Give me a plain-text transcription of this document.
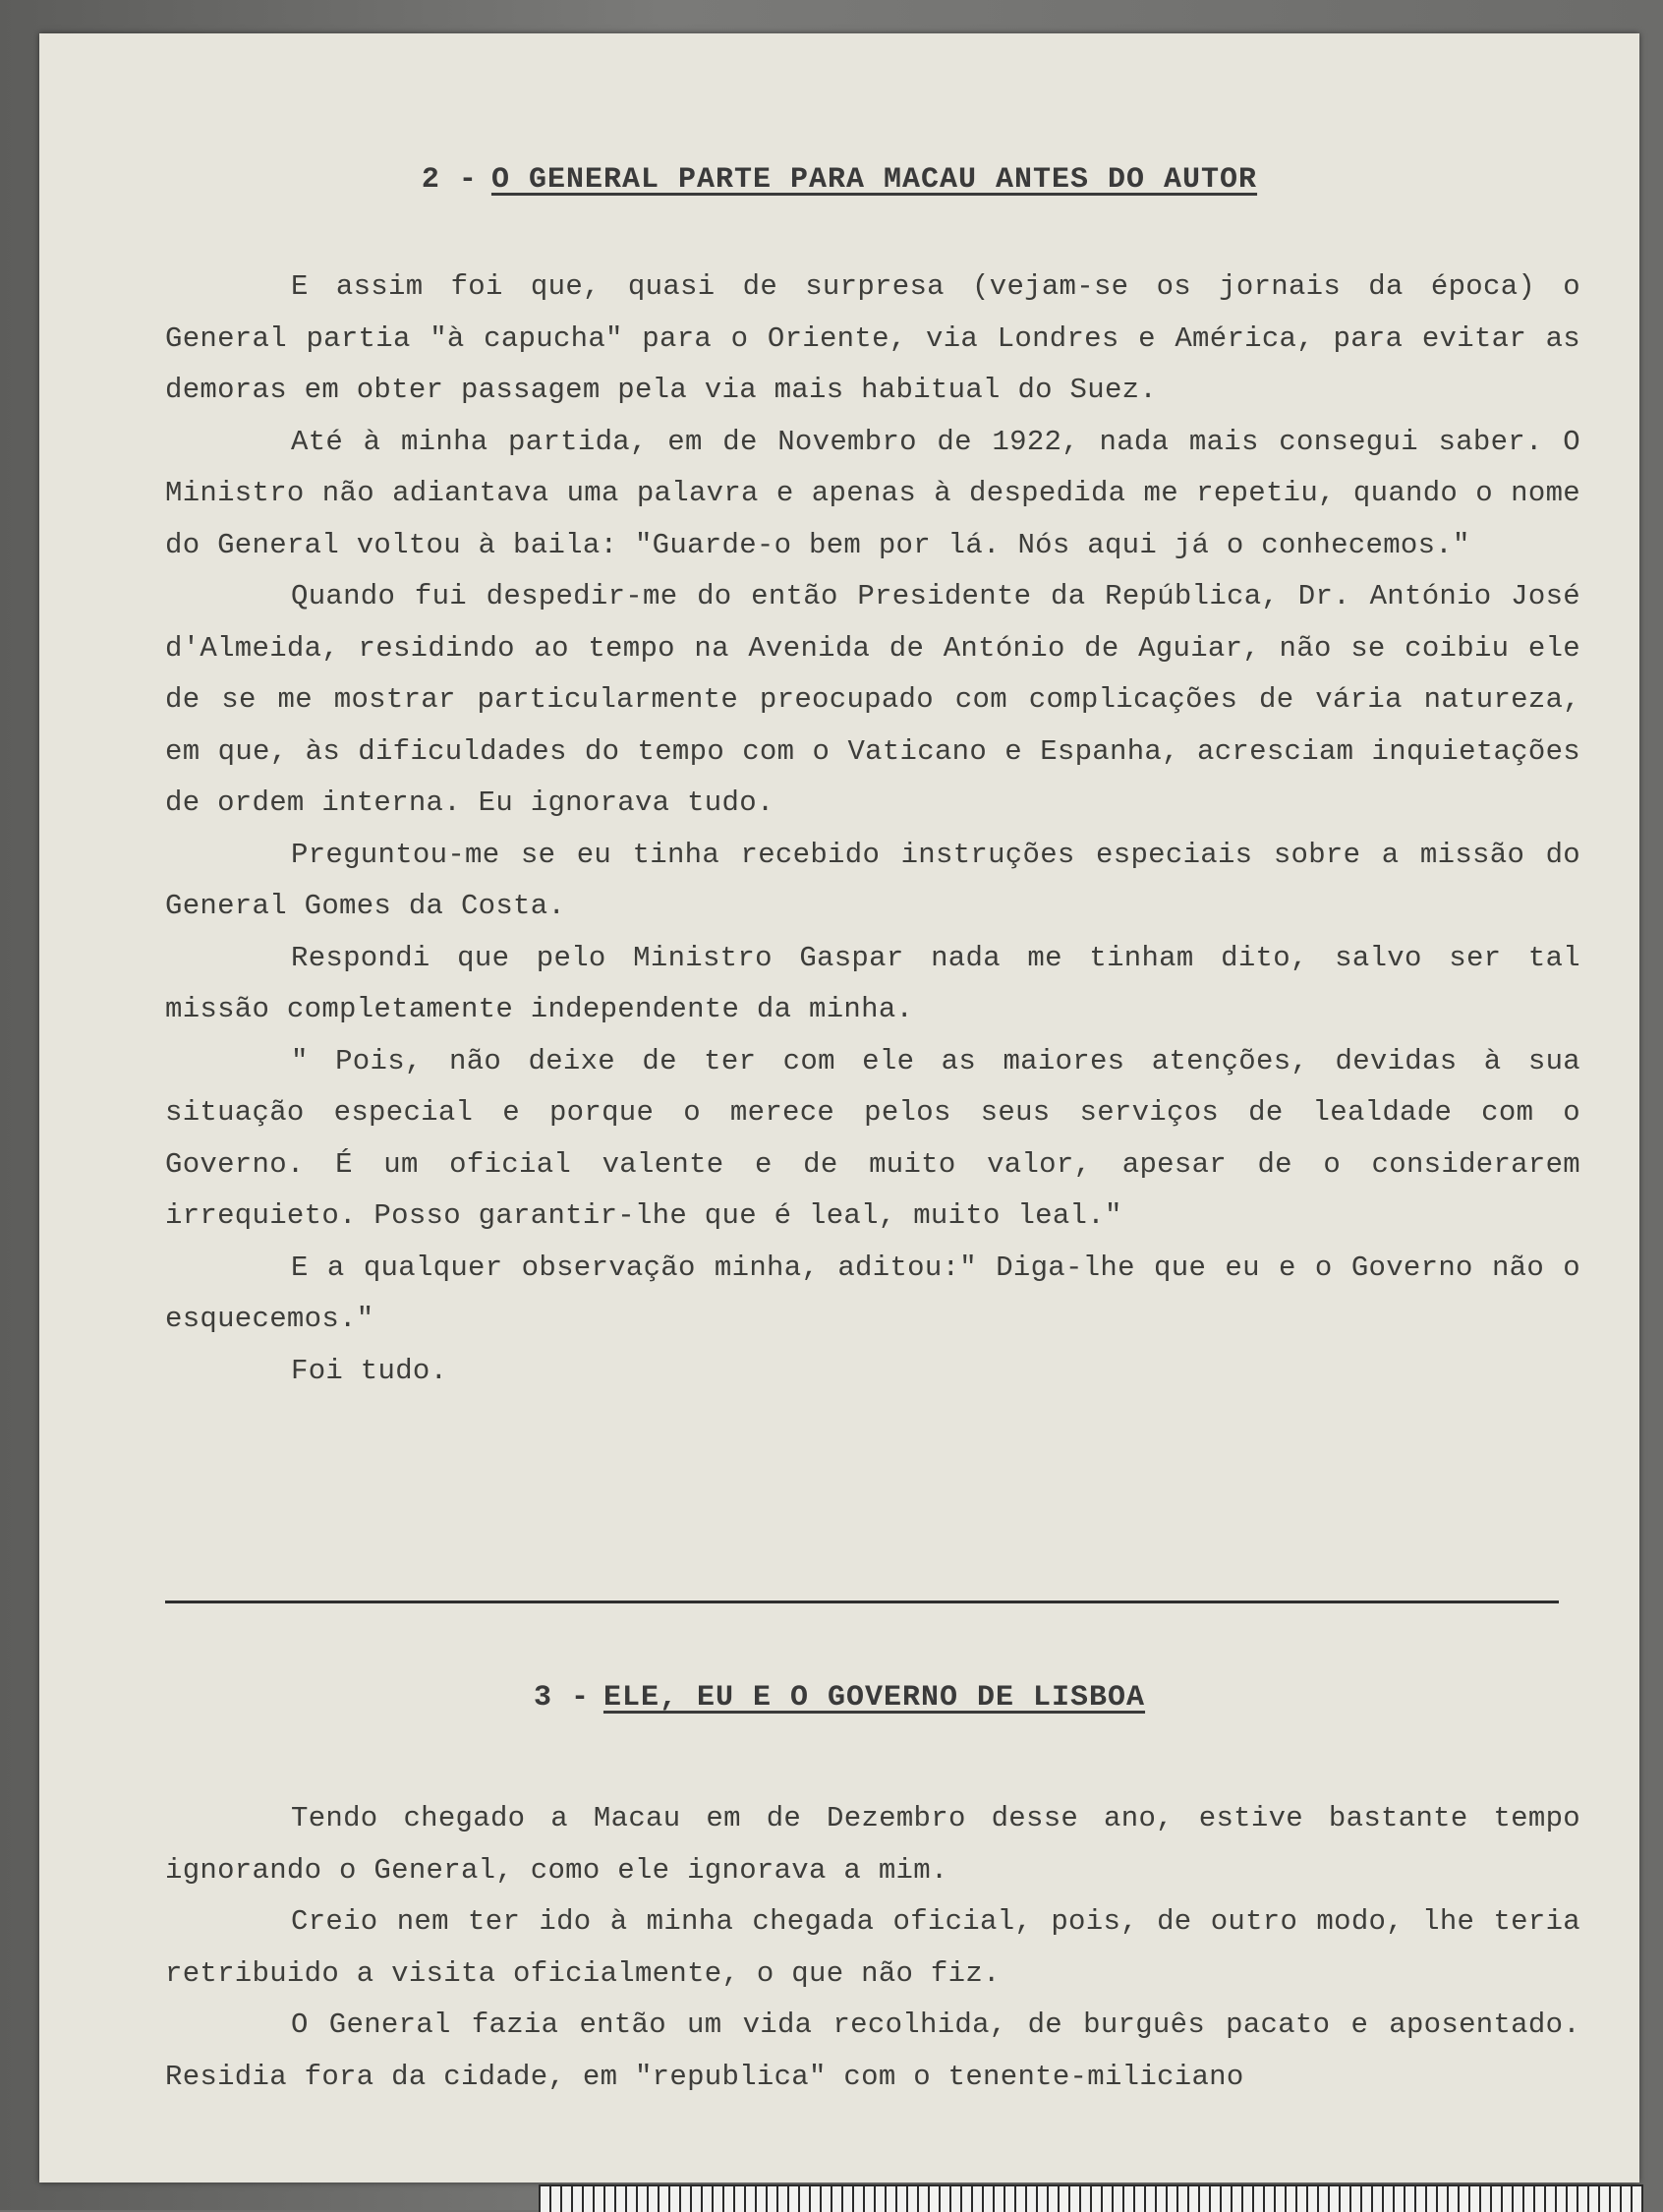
2 - O GENERAL PARTE PARA MACAU ANTES DO AUTOR

E assim foi que, quasi de surpresa (vejam-se os jornais da época) o General partia "à capucha" para o Oriente, via Londres e América, para evitar as demoras em obter passagem pela via mais habitual do Suez.

Até à minha partida, em de Novembro de 1922, nada mais consegui saber. O Ministro não adiantava uma palavra e apenas à despedida me repetiu, quando o nome do General voltou à baila: "Guarde-o bem por lá. Nós aqui já o conhecemos."

Quando fui despedir-me do então Presidente da República, Dr. António José d'Almeida, residindo ao tempo na Avenida de António de Aguiar, não se coibiu ele de se me mostrar particularmente preocupado com complicações de vária natureza, em que, às dificuldades do tempo com o Vaticano e Espanha, acresciam inquietações de ordem interna. Eu ignorava tudo.

Preguntou-me se eu tinha recebido instruções especiais sobre a missão do General Gomes da Costa.

Respondi que pelo Ministro Gaspar nada me tinham dito, salvo ser tal missão completamente independente da minha.

" Pois, não deixe de ter com ele as maiores atenções, devidas à sua situação especial e porque o merece pelos seus serviços de lealdade com o Governo. É um oficial valente e de muito valor, apesar de o considerarem irrequieto. Posso garantir-lhe que é leal, muito leal."

E a qualquer observação minha, aditou:" Diga-lhe que eu e o Governo não o esquecemos."

Foi tudo.

3 - ELE, EU E O GOVERNO DE LISBOA

Tendo chegado a Macau em de Dezembro desse ano, estive bastante tempo ignorando o General, como ele ignorava a mim.

Creio nem ter ido à minha chegada oficial, pois, de outro modo, lhe teria retribuido a visita oficialmente, o que não fiz.

O General fazia então um vida recolhida, de burguês pacato e aposentado. Residia fora da cidade, em "republica" com o tenente-miliciano
